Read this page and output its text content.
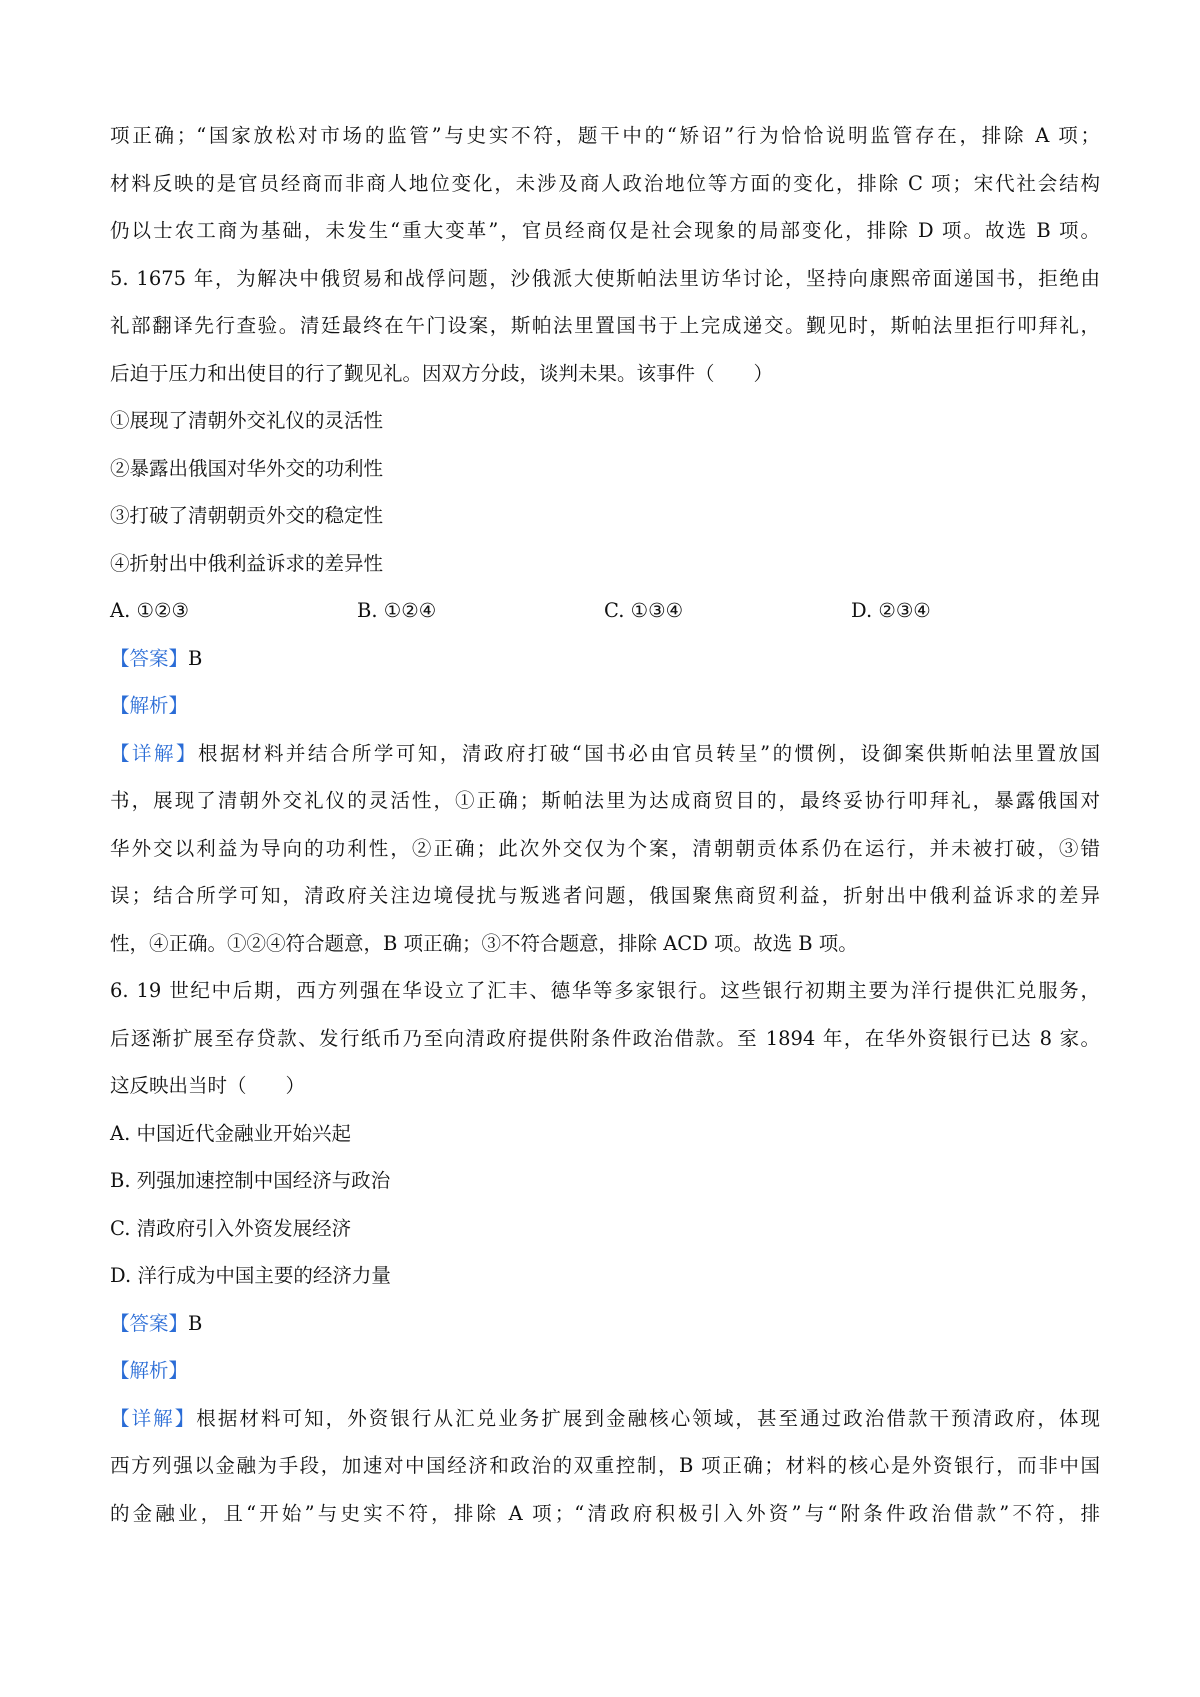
项正确；“国家放松对市场的监管”与史实不符，题干中的“矫诏”行为恰恰说明监管存在，排除 A 项；
材料反映的是官员经商而非商人地位变化，未涉及商人政治地位等方面的变化，排除 C 项；宋代社会结构
仍以士农工商为基础，未发生“重大变革”，官员经商仅是社会现象的局部变化，排除 D 项。故选 B 项。
5. 1675 年，为解决中俄贸易和战俘问题，沙俄派大使斯帕法里访华讨论，坚持向康熙帝面递国书，拒绝由
礼部翻译先行查验。清廷最终在午门设案，斯帕法里置国书于上完成递交。觐见时，斯帕法里拒行叩拜礼，
后迫于压力和出使目的行了觐见礼。因双方分歧，谈判未果。该事件（　　）
①展现了清朝外交礼仪的灵活性
②暴露出俄国对华外交的功利性
③打破了清朝朝贡外交的稳定性
④折射出中俄利益诉求的差异性
A. ①②③	B. ①②④	C. ①③④	D. ②③④
【答案】B
【解析】
【详解】根据材料并结合所学可知，清政府打破“国书必由官员转呈”的惯例，设御案供斯帕法里置放国
书，展现了清朝外交礼仪的灵活性，①正确；斯帕法里为达成商贸目的，最终妥协行叩拜礼，暴露俄国对
华外交以利益为导向的功利性，②正确；此次外交仅为个案，清朝朝贡体系仍在运行，并未被打破，③错
误；结合所学可知，清政府关注边境侵扰与叛逃者问题，俄国聚焦商贸利益，折射出中俄利益诉求的差异
性，④正确。①②④符合题意，B 项正确；③不符合题意，排除 ACD 项。故选 B 项。
6. 19 世纪中后期，西方列强在华设立了汇丰、德华等多家银行。这些银行初期主要为洋行提供汇兑服务，
后逐渐扩展至存贷款、发行纸币乃至向清政府提供附条件政治借款。至 1894 年，在华外资银行已达 8 家。
这反映出当时（　　）
A. 中国近代金融业开始兴起
B. 列强加速控制中国经济与政治
C. 清政府引入外资发展经济
D. 洋行成为中国主要的经济力量
【答案】B
【解析】
【详解】根据材料可知，外资银行从汇兑业务扩展到金融核心领域，甚至通过政治借款干预清政府，体现
西方列强以金融为手段，加速对中国经济和政治的双重控制，B 项正确；材料的核心是外资银行，而非中国
的金融业，且“开始”与史实不符，排除 A 项；“清政府积极引入外资”与“附条件政治借款”不符，排
